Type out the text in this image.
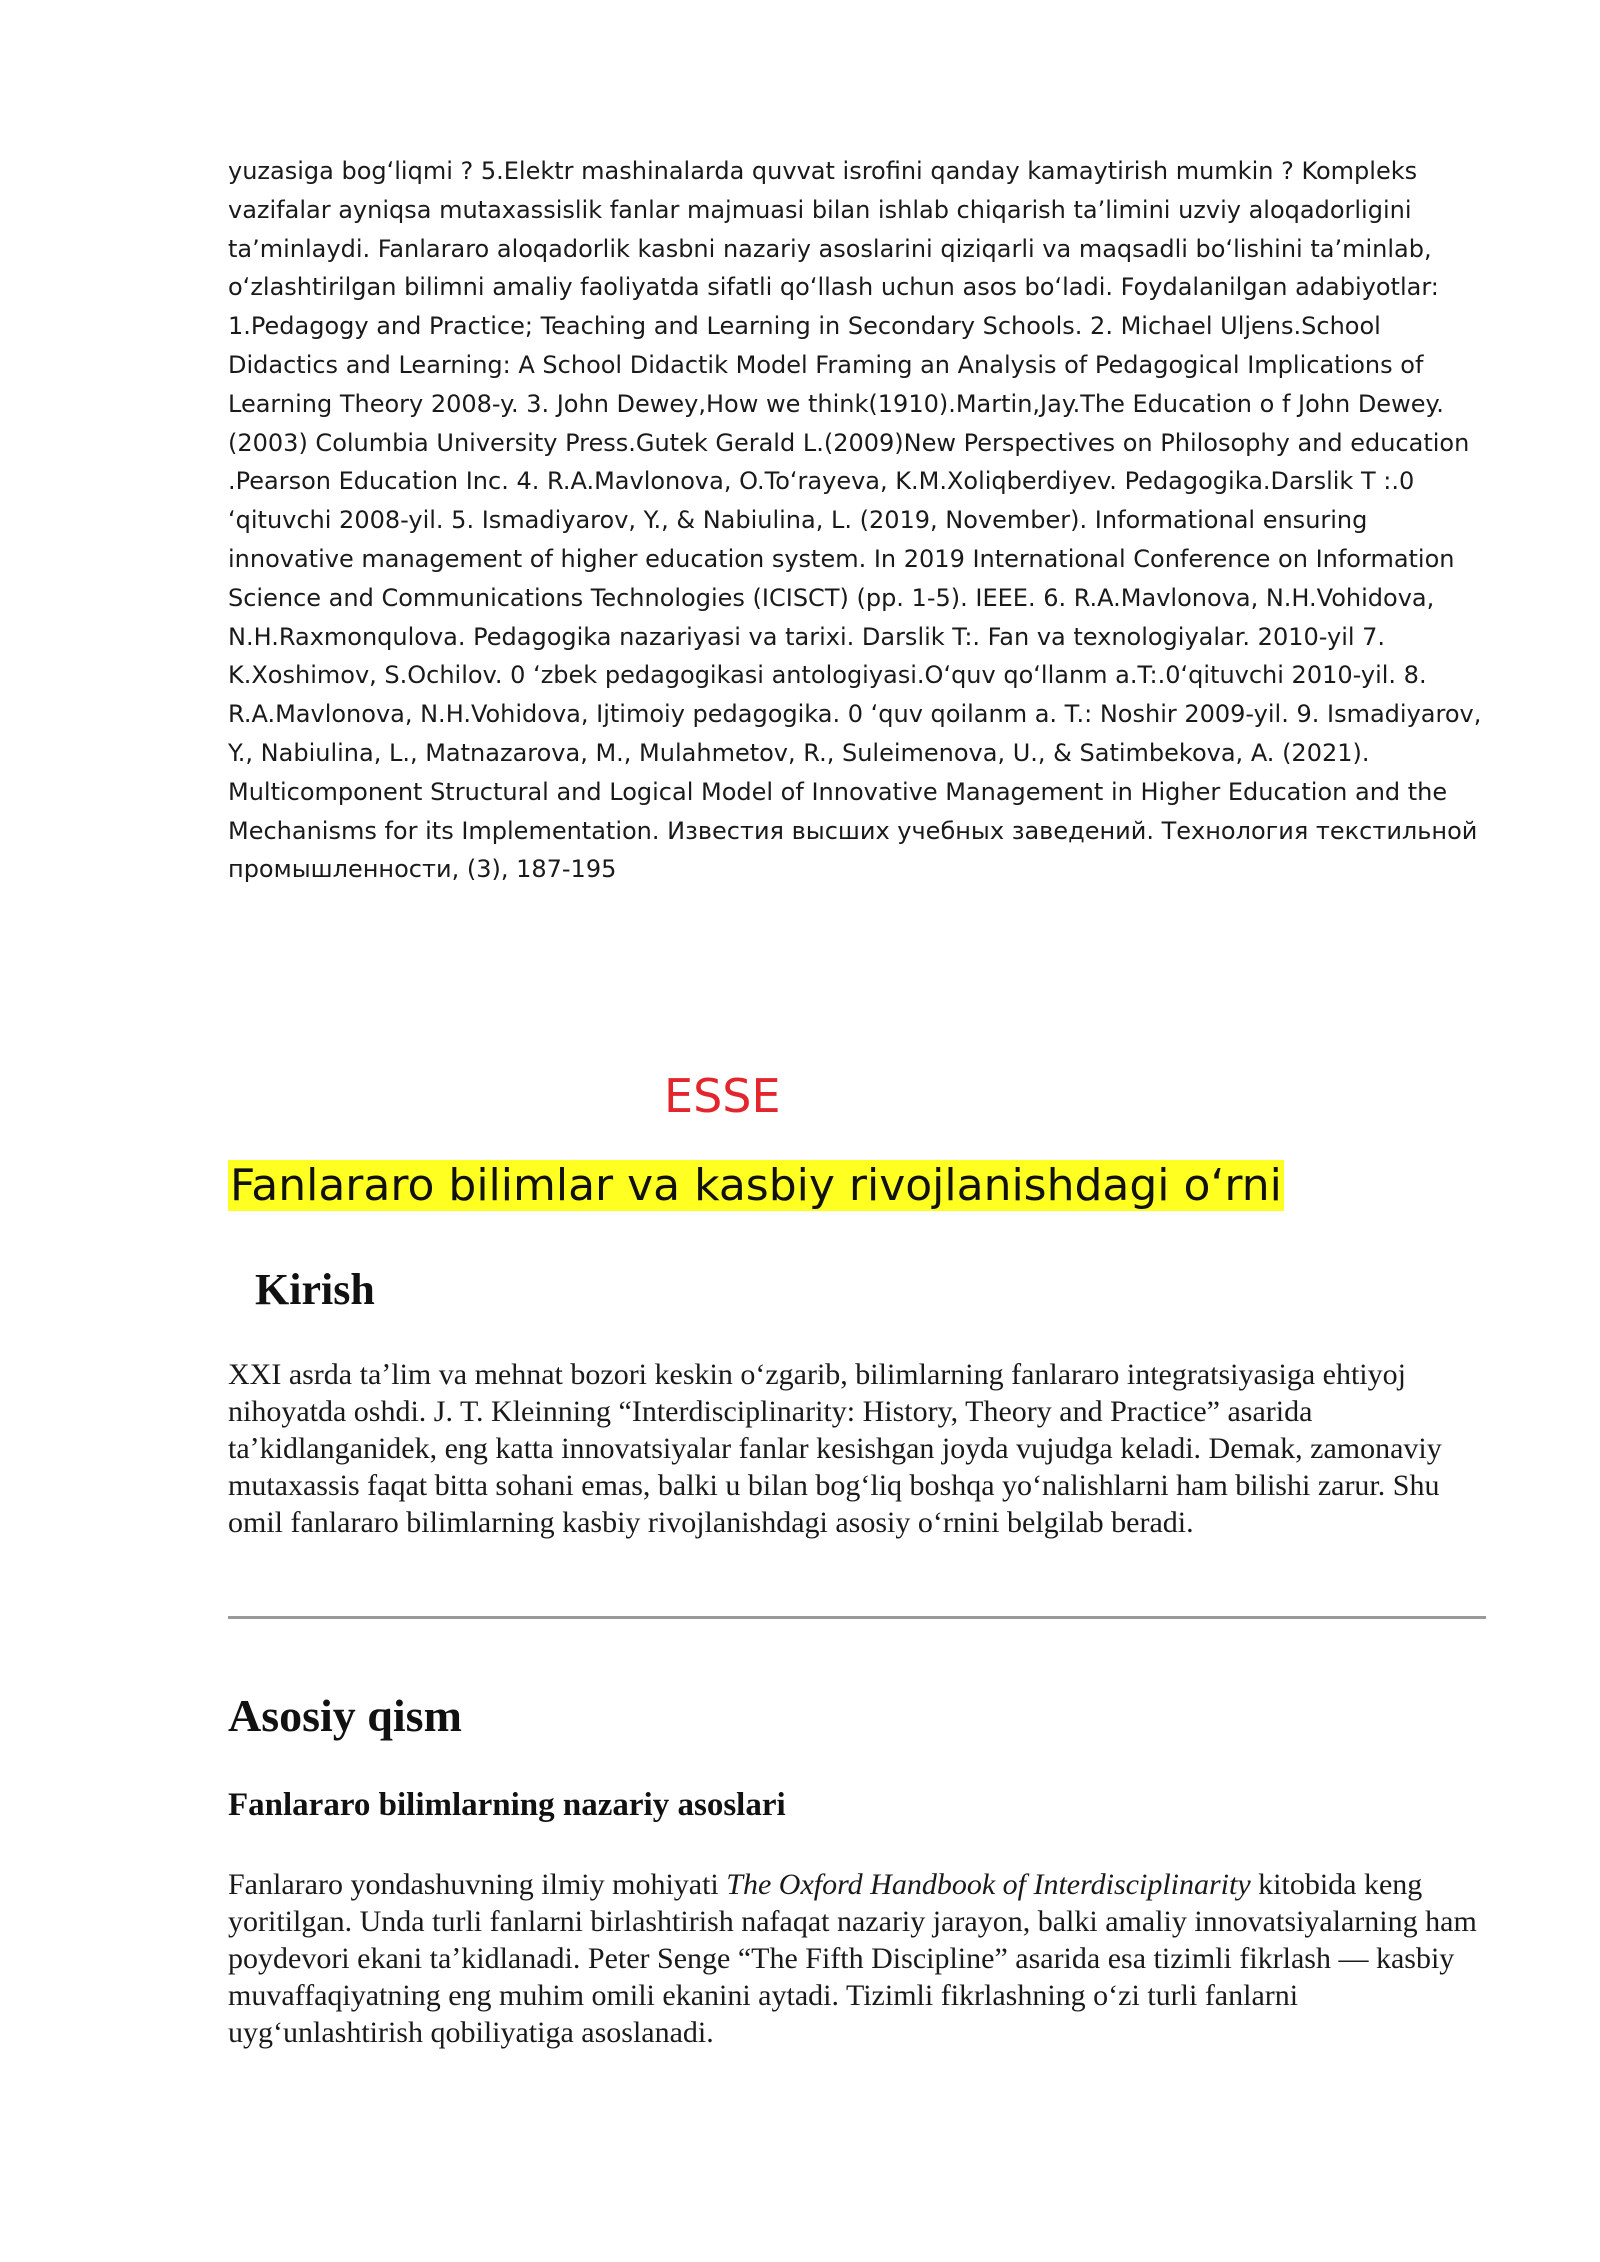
yuzasiga bogʻliqmi ? 5.Elektr mashinalarda quvvat isrofini qanday kamaytirish mumkin ? Kompleks vazifalar ayniqsa mutaxassislik fanlar majmuasi bilan ishlab chiqarish taʼlimini uzviy aloqadorligini taʼminlaydi. Fanlararo aloqadorlik kasbni nazariy asoslarini qiziqarli va maqsadli boʻlishini taʼminlab, oʻzlashtirilgan bilimni amaliy faoliyatda sifatli qoʻllash uchun asos boʻladi. Foydalanilgan adabiyotlar: 1.Pedagogy and Practice; Teaching and Learning in Secondary Schools. 2. Michael Uljens.School Didactics and Learning: A School Didactik Model Framing an Analysis of Pedagogical Implications of Learning Theory 2008-y. 3. John Dewey,How we think(1910).Martin,Jay.The Education o f John Dewey. (2003) Columbia University Press.Gutek Gerald L.(2009)New Perspectives on Philosophy and education .Pearson Education Inc. 4. R.A.Mavlonova, O.Toʻrayeva, K.M.Xoliqberdiyev. Pedagogika.Darslik T :.0 ʻqituvchi 2008-yil. 5. Ismadiyarov, Y., & Nabiulina, L. (2019, November). Informational ensuring innovative management of higher education system. In 2019 International Conference on Information Science and Communications Technologies (ICISCT) (pp. 1-5). IEEE. 6. R.A.Mavlonova, N.H.Vohidova, N.H.Raxmonqulova. Pedagogika nazariyasi va tarixi. Darslik T:. Fan va texnologiyalar. 2010-yil 7. K.Xoshimov, S.Ochilov. 0 ʻzbek pedagogikasi antologiyasi.Oʻquv qoʻllanm a.T:.0ʻqituvchi 2010-yil. 8. R.A.Mavlonova, N.H.Vohidova, Ijtimoiy pedagogika. 0 ʻquv qoilanm a. T.: Noshir 2009-yil. 9. Ismadiyarov, Y., Nabiulina, L., Matnazarova, M., Mulahmetov, R., Suleimenova, U., & Satimbekova, A. (2021). Multicomponent Structural and Logical Model of Innovative Management in Higher Education and the Mechanisms for its Implementation. Известия высших учебных заведений. Технология текстильной промышленности, (3), 187-195

ESSE
Fanlararo bilimlar va kasbiy rivojlanishdagi oʻrni
Kirish

XXI asrda taʼlim va mehnat bozori keskin oʻzgarib, bilimlarning fanlararo integratsiyasiga ehtiyoj nihoyatda oshdi. J. T. Kleinning “Interdisciplinarity: History, Theory and Practice” asarida taʼkidlanganidek, eng katta innovatsiyalar fanlar kesishgan joyda vujudga keladi. Demak, zamonaviy mutaxassis faqat bitta sohani emas, balki u bilan bogʻliq boshqa yoʻnalishlarni ham bilishi zarur. Shu omil fanlararo bilimlarning kasbiy rivojlanishdagi asosiy oʻrnini belgilab beradi.

Asosiy qism
Fanlararo bilimlarning nazariy asoslari

Fanlararo yondashuvning ilmiy mohiyati The Oxford Handbook of Interdisciplinarity kitobida keng yoritilgan. Unda turli fanlarni birlashtirish nafaqat nazariy jarayon, balki amaliy innovatsiyalarning ham poydevori ekani taʼkidlanadi. Peter Senge “The Fifth Discipline” asarida esa tizimli fikrlash — kasbiy muvaffaqiyatning eng muhim omili ekanini aytadi. Tizimli fikrlashning oʻzi turli fanlarni uygʻunlashtirish qobiliyatiga asoslanadi.
